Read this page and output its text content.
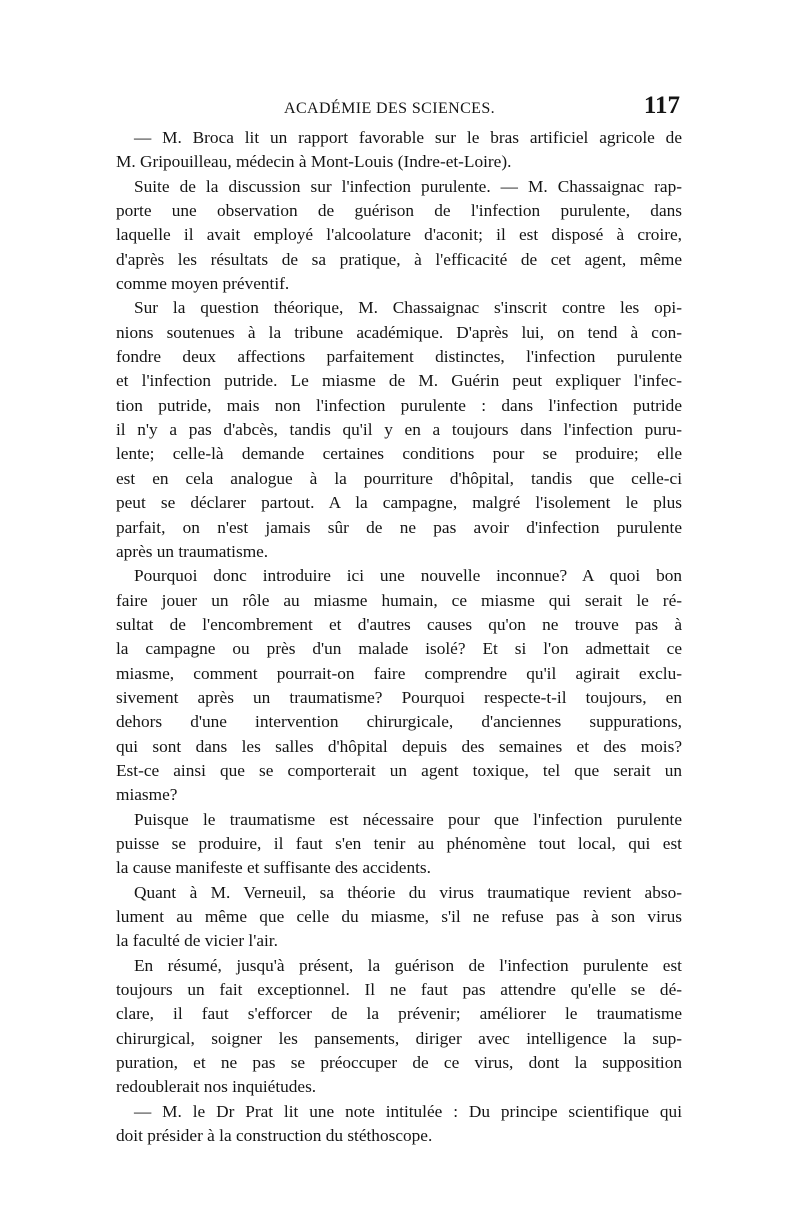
ACADÉMIE DES SCIENCES.	117
— M. Broca lit un rapport favorable sur le bras artificiel agricole de
M. Gripouilleau, médecin à Mont-Louis (Indre-et-Loire).
Suite de la discussion sur l'infection purulente. — M. Chassaignac rap-
porte une observation de guérison de l'infection purulente, dans
laquelle il avait employé l'alcoolature d'aconit; il est disposé à croire,
d'après les résultats de sa pratique, à l'efficacité de cet agent, même
comme moyen préventif.
Sur la question théorique, M. Chassaignac s'inscrit contre les opi-
nions soutenues à la tribune académique. D'après lui, on tend à con-
fondre deux affections parfaitement distinctes, l'infection purulente
et l'infection putride. Le miasme de M. Guérin peut expliquer l'infec-
tion putride, mais non l'infection purulente : dans l'infection putride
il n'y a pas d'abcès, tandis qu'il y en a toujours dans l'infection puru-
lente; celle-là demande certaines conditions pour se produire; elle
est en cela analogue à la pourriture d'hôpital, tandis que celle-ci
peut se déclarer partout. A la campagne, malgré l'isolement le plus
parfait, on n'est jamais sûr de ne pas avoir d'infection purulente
après un traumatisme.
Pourquoi donc introduire ici une nouvelle inconnue? A quoi bon
faire jouer un rôle au miasme humain, ce miasme qui serait le ré-
sultat de l'encombrement et d'autres causes qu'on ne trouve pas à
la campagne ou près d'un malade isolé? Et si l'on admettait ce
miasme, comment pourrait-on faire comprendre qu'il agirait exclu-
sivement après un traumatisme? Pourquoi respecte-t-il toujours, en
dehors d'une intervention chirurgicale, d'anciennes suppurations,
qui sont dans les salles d'hôpital depuis des semaines et des mois?
Est-ce ainsi que se comporterait un agent toxique, tel que serait un
miasme?
Puisque le traumatisme est nécessaire pour que l'infection purulente
puisse se produire, il faut s'en tenir au phénomène tout local, qui est
la cause manifeste et suffisante des accidents.
Quant à M. Verneuil, sa théorie du virus traumatique revient abso-
lument au même que celle du miasme, s'il ne refuse pas à son virus
la faculté de vicier l'air.
En résumé, jusqu'à présent, la guérison de l'infection purulente est
toujours un fait exceptionnel. Il ne faut pas attendre qu'elle se dé-
clare, il faut s'efforcer de la prévenir; améliorer le traumatisme
chirurgical, soigner les pansements, diriger avec intelligence la sup-
puration, et ne pas se préoccuper de ce virus, dont la supposition
redoublerait nos inquiétudes.
— M. le Dr Prat lit une note intitulée : Du principe scientifique qui
doit présider à la construction du stéthoscope.
